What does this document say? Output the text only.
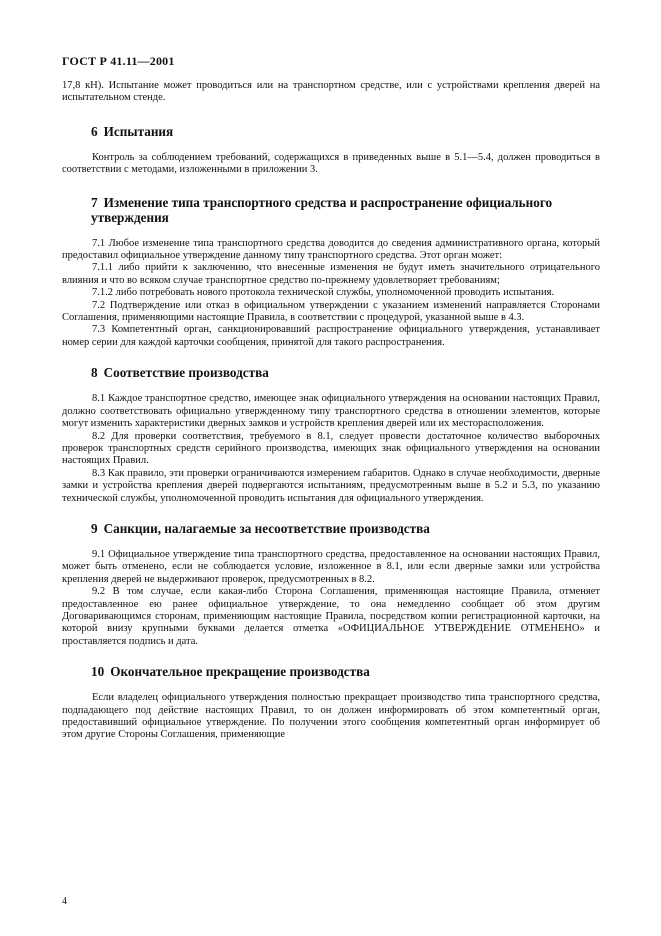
ГОСТ Р 41.11—2001

17,8 кН). Испытание может проводиться или на транспортном средстве, или с устройствами крепления дверей на испытательном стенде.

6 Испытания

Контроль за соблюдением требований, содержащихся в приведенных выше в 5.1—5.4, должен проводиться в соответствии с методами, изложенными в приложении 3.

7 Изменение типа транспортного средства и распространение официального утверждения

7.1 Любое изменение типа транспортного средства доводится до сведения административного органа, который предоставил официальное утверждение данному типу транспортного средства. Этот орган может:

7.1.1 либо прийти к заключению, что внесенные изменения не будут иметь значительного отрицательного влияния и что во всяком случае транспортное средство по-прежнему удовлетворяет требованиям;

7.1.2 либо потребовать нового протокола технической службы, уполномоченной проводить испытания.

7.2 Подтверждение или отказ в официальном утверждении с указанием изменений направляется Сторонами Соглашения, применяющими настоящие Правила, в соответствии с процедурой, указанной выше в 4.3.

7.3 Компетентный орган, санкционировавший распространение официального утверждения, устанавливает номер серии для каждой карточки сообщения, принятой для такого распространения.

8 Соответствие производства

8.1 Каждое транспортное средство, имеющее знак официального утверждения на основании настоящих Правил, должно соответствовать официально утвержденному типу транспортного средства в отношении элементов, которые могут изменить характеристики дверных замков и устройств крепления дверей или их месторасположения.

8.2 Для проверки соответствия, требуемого в 8.1, следует провести достаточное количество выборочных проверок транспортных средств серийного производства, имеющих знак официального утверждения на основании настоящих Правил.

8.3 Как правило, эти проверки ограничиваются измерением габаритов. Однако в случае необходимости, дверные замки и устройства крепления дверей подвергаются испытаниям, предусмотренным выше в 5.2 и 5.3, по указанию технической службы, уполномоченной проводить испытания для официального утверждения.

9 Санкции, налагаемые за несоответствие производства

9.1 Официальное утверждение типа транспортного средства, предоставленное на основании настоящих Правил, может быть отменено, если не соблюдается условие, изложенное в 8.1, или если дверные замки или устройства крепления дверей не выдерживают проверок, предусмотренных в 8.2.

9.2 В том случае, если какая-либо Сторона Соглашения, применяющая настоящие Правила, отменяет предоставленное ею ранее официальное утверждение, то она немедленно сообщает об этом другим Договаривающимся сторонам, применяющим настоящие Правила, посредством копии регистрационной карточки, на которой внизу крупными буквами делается отметка «ОФИЦИАЛЬНОЕ УТВЕРЖДЕНИЕ ОТМЕНЕНО» и проставляется подпись и дата.

10 Окончательное прекращение производства

Если владелец официального утверждения полностью прекращает производство типа транспортного средства, подпадающего под действие настоящих Правил, то он должен информировать об этом компетентный орган, предоставивший официальное утверждение. По получении этого сообщения компетентный орган информирует об этом другие Стороны Соглашения, применяющие

4
